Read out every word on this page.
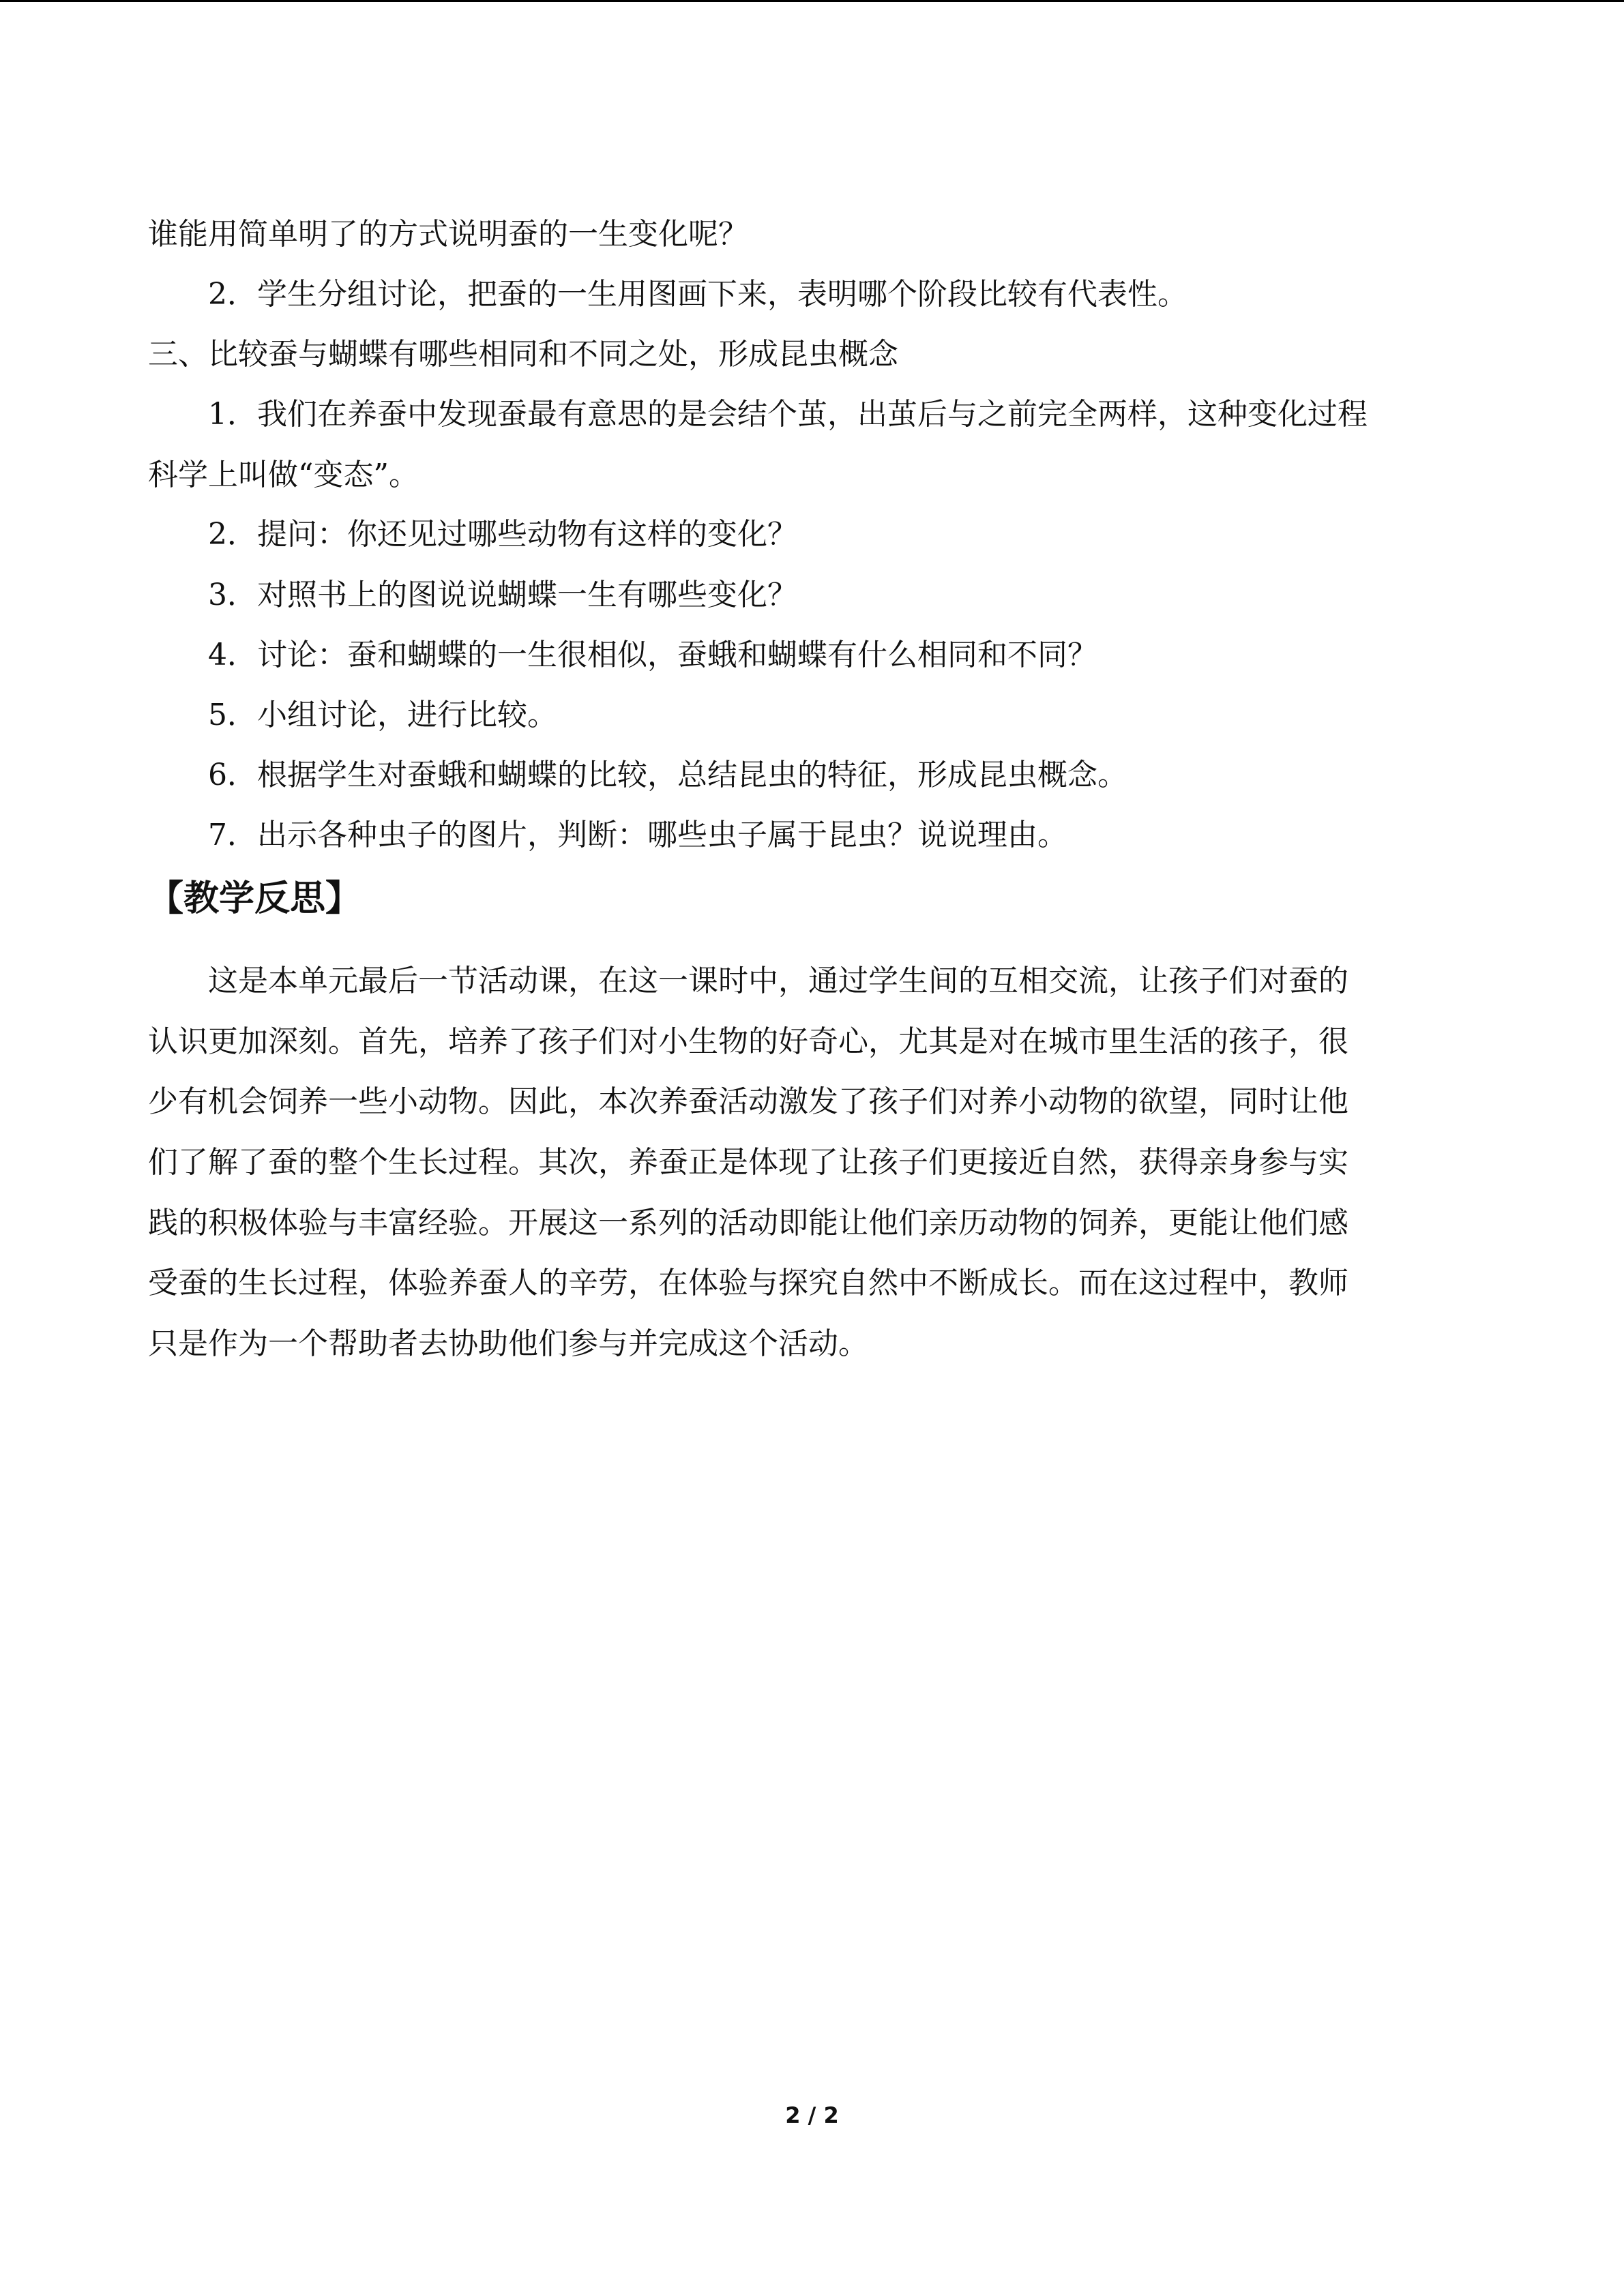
谁能用简单明了的方式说明蚕的一生变化呢？

2．学生分组讨论，把蚕的一生用图画下来，表明哪个阶段比较有代表性。

三、比较蚕与蝴蝶有哪些相同和不同之处，形成昆虫概念

1．我们在养蚕中发现蚕最有意思的是会结个茧，出茧后与之前完全两样，这种变化过程

科学上叫做“变态”。

2．提问：你还见过哪些动物有这样的变化？

3．对照书上的图说说蝴蝶一生有哪些变化？

4．讨论：蚕和蝴蝶的一生很相似，蚕蛾和蝴蝶有什么相同和不同？

5．小组讨论，进行比较。

6．根据学生对蚕蛾和蝴蝶的比较，总结昆虫的特征，形成昆虫概念。

7．出示各种虫子的图片，判断：哪些虫子属于昆虫？说说理由。

【教学反思】

这是本单元最后一节活动课，在这一课时中，通过学生间的互相交流，让孩子们对蚕的

认识更加深刻。首先，培养了孩子们对小生物的好奇心，尤其是对在城市里生活的孩子，很

少有机会饲养一些小动物。因此，本次养蚕活动激发了孩子们对养小动物的欲望，同时让他

们了解了蚕的整个生长过程。其次，养蚕正是体现了让孩子们更接近自然，获得亲身参与实

践的积极体验与丰富经验。开展这一系列的活动即能让他们亲历动物的饲养，更能让他们感

受蚕的生长过程，体验养蚕人的辛劳，在体验与探究自然中不断成长。而在这过程中，教师

只是作为一个帮助者去协助他们参与并完成这个活动。

2 / 2
